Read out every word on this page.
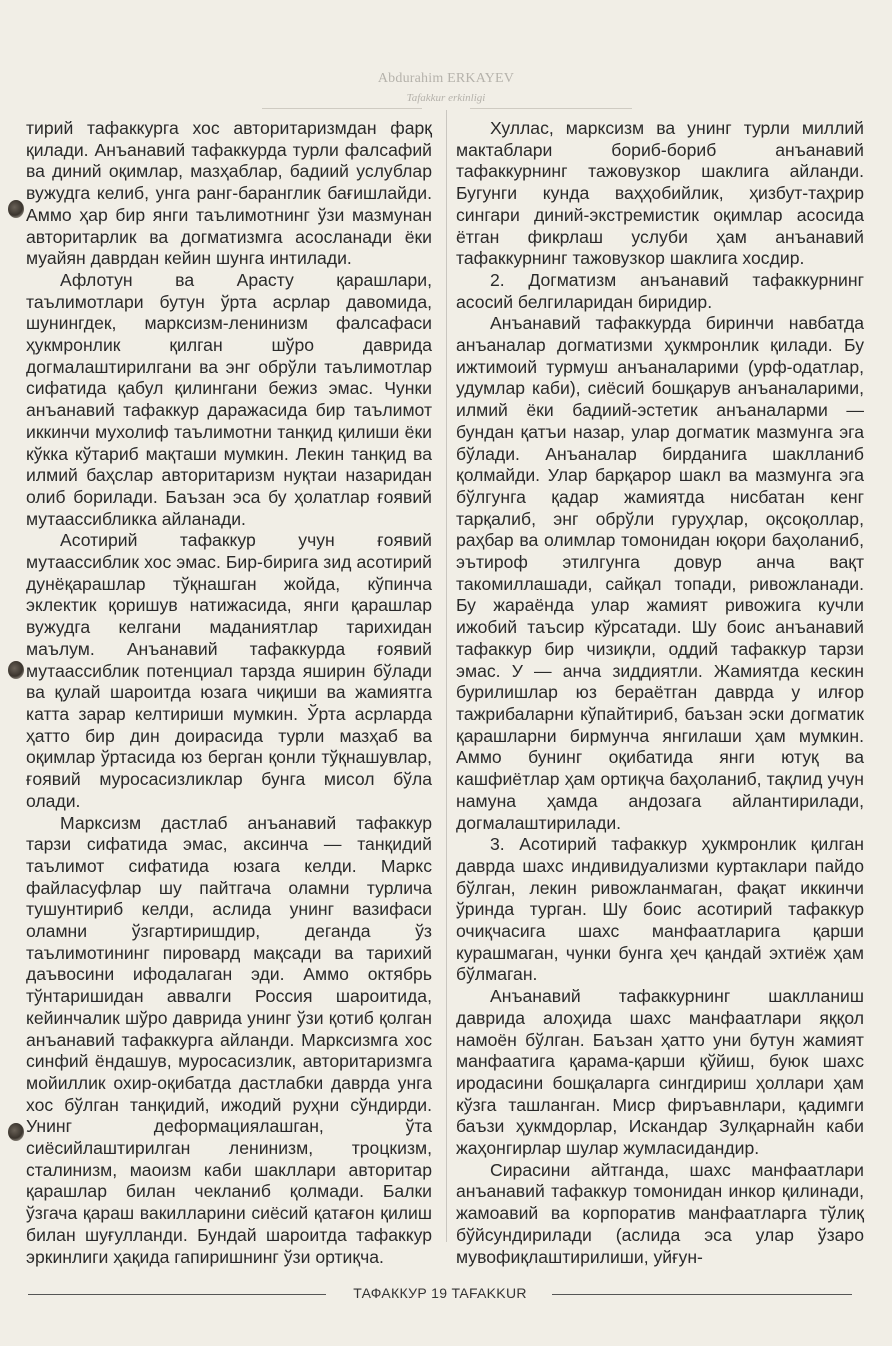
Abdurahim ERKAYEV
Tafakkur erkinligi

тирий тафаккурга хос авторитаризмдан фарқ қилади. Анъанавий тафаккурда турли фалсафий ва диний оқимлар, мазҳаблар, бадиий услублар вужудга келиб, унга ранг-баранглик бағишлайди. Аммо ҳар бир янги таълимотнинг ўзи мазмунан авторитарлик ва догматизмга асосланади ёки муайян даврдан кейин шунга интилади.

Афлотун ва Арасту қарашлари, таълимотлари бутун ўрта асрлар давомида, шунингдек, марксизм-ленинизм фалсафаси ҳукмронлик қилган шўро даврида догмалаштирилгани ва энг обрўли таълимотлар сифатида қабул қилингани бежиз эмас. Чунки анъанавий тафаккур даражасида бир таълимот иккинчи мухолиф таълимотни танқид қилиши ёки кўкка кўтариб мақташи мумкин. Лекин танқид ва илмий баҳслар авторитаризм нуқтаи назаридан олиб борилади. Баъзан эса бу ҳолатлар ғоявий мутаассибликка айланади.

Асотирий тафаккур учун ғоявий мутаассиблик хос эмас. Бир-бирига зид асотирий дунёқарашлар тўқнашган жойда, кўпинча эклектик қоришув натижасида, янги қарашлар вужудга келгани маданиятлар тарихидан маълум. Анъанавий тафаккурда ғоявий мутаассиблик потенциал тарзда яширин бўлади ва қулай шароитда юзага чиқиши ва жамиятга катта зарар келтириши мумкин. Ўрта асрларда ҳатто бир дин доирасида турли мазҳаб ва оқимлар ўртасида юз берган қонли тўқнашувлар, ғоявий муросасизликлар бунга мисол бўла олади.

Марксизм дастлаб анъанавий тафаккур тарзи сифатида эмас, аксинча — танқидий таълимот сифатида юзага келди. Маркс файласуфлар шу пайтгача оламни турлича тушунтириб келди, аслида унинг вазифаси оламни ўзгартиришдир, деганда ўз таълимотининг пировард мақсади ва тарихий даъвосини ифодалаган эди. Аммо октябрь тўнтаришидан аввалги Россия шароитида, кейинчалик шўро даврида унинг ўзи қотиб қолган анъанавий тафаккурга айланди. Марксизмга хос синфий ёндашув, муросасизлик, авторитаризмга мойиллик охир-оқибатда дастлабки даврда унга хос бўлган танқидий, ижодий руҳни сўндирди. Унинг деформациялашган, ўта сиёсийлаштирилган ленинизм, троцкизм, сталинизм, маоизм каби шакллари авторитар қарашлар билан чекланиб қолмади. Балки ўзгача қараш вакилларини сиёсий қатағон қилиш билан шуғулланди. Бундай шароитда тафаккур эркинлиги ҳақида гапиришнинг ўзи ортиқча.

Хуллас, марксизм ва унинг турли миллий мактаблари бориб-бориб анъанавий тафаккурнинг тажовузкор шаклига айланди. Бугунги кунда ваҳҳобийлик, ҳизбут-таҳрир сингари диний-экстремистик оқимлар асосида ётган фикрлаш услуби ҳам анъанавий тафаккурнинг тажовузкор шаклига хосдир.

2. Догматизм анъанавий тафаккурнинг асосий белгиларидан биридир.

Анъанавий тафаккурда биринчи навбатда анъаналар догматизми ҳукмронлик қилади. Бу ижтимоий турмуш анъаналарими (урф-одатлар, удумлар каби), сиёсий бошқарув анъаналарими, илмий ёки бадиий-эстетик анъаналарми — бундан қатъи назар, улар догматик мазмунга эга бўлади. Анъаналар бирданига шаклланиб қолмайди. Улар барқарор шакл ва мазмунга эга бўлгунга қадар жамиятда нисбатан кенг тарқалиб, энг обрўли гуруҳлар, оқсоқоллар, раҳбар ва олимлар томонидан юқори баҳоланиб, эътироф этилгунга довур анча вақт такомиллашади, сайқал топади, ривожланади. Бу жараёнда улар жамият ривожига кучли ижобий таъсир кўрсатади. Шу боис анъанавий тафаккур бир чизиқли, оддий тафаккур тарзи эмас. У — анча зиддиятли. Жамиятда кескин бурилишлар юз бераётган даврда у илғор тажрибаларни кўпайтириб, баъзан эски догматик қарашларни бирмунча янгилаши ҳам мумкин. Аммо бунинг оқибатида янги ютуқ ва кашфиётлар ҳам ортиқча баҳоланиб, тақлид учун намуна ҳамда андозага айлантирилади, догмалаштирилади.

3. Асотирий тафаккур ҳукмронлик қилган даврда шахс индивидуализми куртаклари пайдо бўлган, лекин ривожланмаган, фақат иккинчи ўринда турган. Шу боис асотирий тафаккур очиқчасига шахс манфаатларига қарши курашмаган, чунки бунга ҳеч қандай эхтиёж ҳам бўлмаган.

Анъанавий тафаккурнинг шаклланиш даврида алоҳида шахс манфаатлари яққол намоён бўлган. Баъзан ҳатто уни бутун жамият манфаатига қарама-қарши қўйиш, буюк шахс иродасини бошқаларга сингдириш ҳоллари ҳам кўзга ташланган. Миср фиръавнлари, қадимги баъзи ҳукмдорлар, Искандар Зулқарнайн каби жаҳонгирлар шулар жумласидандир.

Сирасини айтганда, шахс манфаатлари анъанавий тафаккур томонидан инкор қилинади, жамоавий ва корпоратив манфаатларга тўлиқ бўйсундирилади (аслида эса улар ўзаро мувофиқлаштирилиши, уйғун-

ТАФАККУР 19 TAFAKKUR
